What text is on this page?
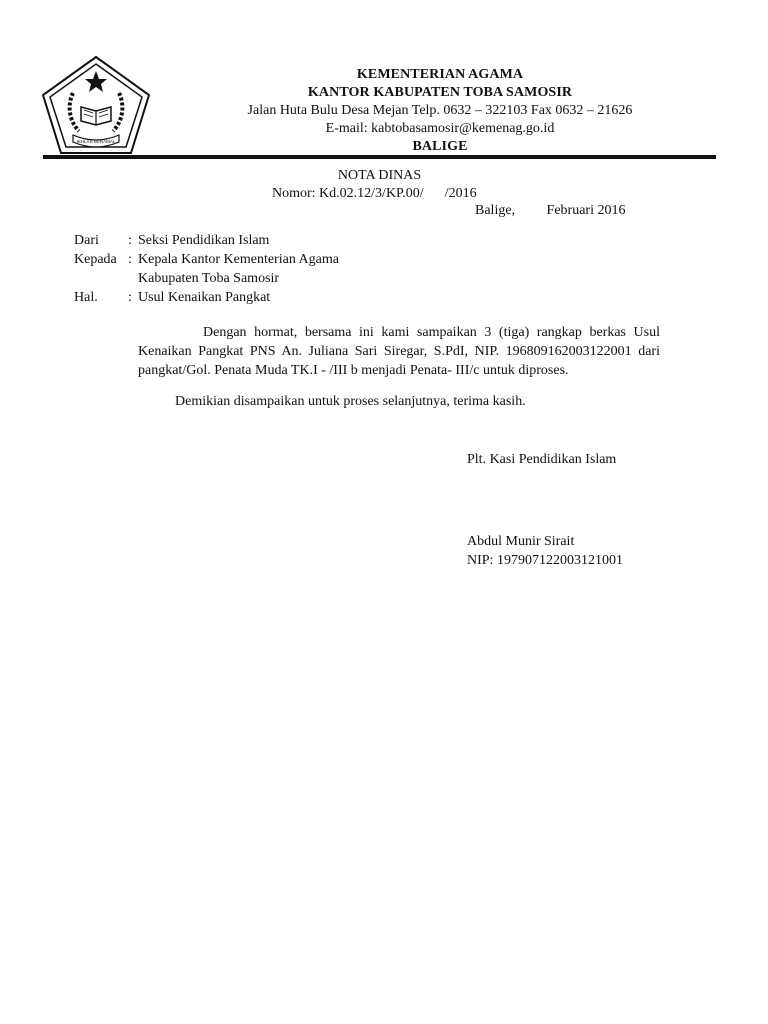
IKHLAS BERAMAL
KEMENTERIAN AGAMA
KANTOR KABUPATEN TOBA SAMOSIR
Jalan Huta Bulu Desa Mejan Telp. 0632 – 322103 Fax 0632 – 21626
E-mail: kabtobasamosir@kemenag.go.id
BALIGE
NOTA DINAS
Nomor: Kd.02.12/3/KP.00/      /2016
Balige,         Februari 2016
Dari	: Seksi Pendidikan Islam
Kepada : Kepala Kantor Kementerian Agama
Kabupaten Toba Samosir
Hal.	: Usul Kenaikan Pangkat
Dengan hormat, bersama ini kami sampaikan 3 (tiga) rangkap berkas Usul Kenaikan Pangkat PNS An. Juliana Sari Siregar, S.PdI, NIP. 196809162003122001 dari pangkat/Gol. Penata Muda TK.I - /III b menjadi Penata- III/c untuk diproses.
Demikian disampaikan untuk proses selanjutnya, terima kasih.
Plt. Kasi Pendidikan Islam
Abdul Munir Sirait
NIP: 197907122003121001
